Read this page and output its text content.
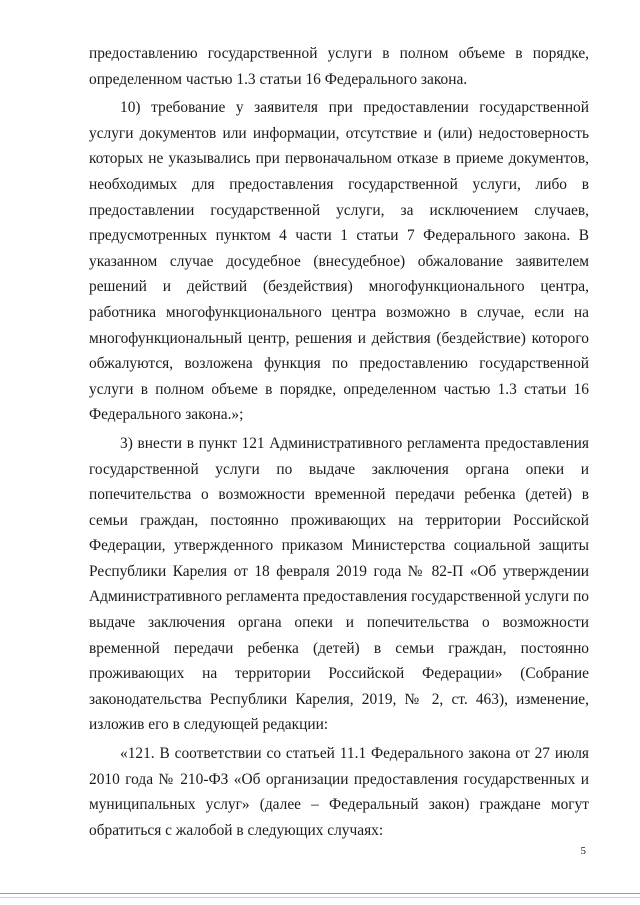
предоставлению государственной услуги в полном объеме в порядке, определенном частью 1.3 статьи 16 Федерального закона.

10) требование у заявителя при предоставлении государственной услуги документов или информации, отсутствие и (или) недостоверность которых не указывались при первоначальном отказе в приеме документов, необходимых для предоставления государственной услуги, либо в предоставлении государственной услуги, за исключением случаев, предусмотренных пунктом 4 части 1 статьи 7 Федерального закона. В указанном случае досудебное (внесудебное) обжалование заявителем решений и действий (бездействия) многофункционального центра, работника многофункционального центра возможно в случае, если на многофункциональный центр, решения и действия (бездействие) которого обжалуются, возложена функция по предоставлению государственной услуги в полном объеме в порядке, определенном частью 1.3 статьи 16 Федерального закона.»;

3) внести в пункт 121 Административного регламента предоставления государственной услуги по выдаче заключения органа опеки и попечительства о возможности временной передачи ребенка (детей) в семьи граждан, постоянно проживающих на территории Российской Федерации, утвержденного приказом Министерства социальной защиты Республики Карелия от 18 февраля 2019 года № 82-П «Об утверждении Административного регламента предоставления государственной услуги по выдаче заключения органа опеки и попечительства о возможности временной передачи ребенка (детей) в семьи граждан, постоянно проживающих на территории Российской Федерации» (Собрание законодательства Республики Карелия, 2019, № 2, ст. 463), изменение, изложив его в следующей редакции:

«121. В соответствии со статьей 11.1 Федерального закона от 27 июля 2010 года № 210-ФЗ «Об организации предоставления государственных и муниципальных услуг» (далее – Федеральный закон) граждане могут обратиться с жалобой в следующих случаях:

5
